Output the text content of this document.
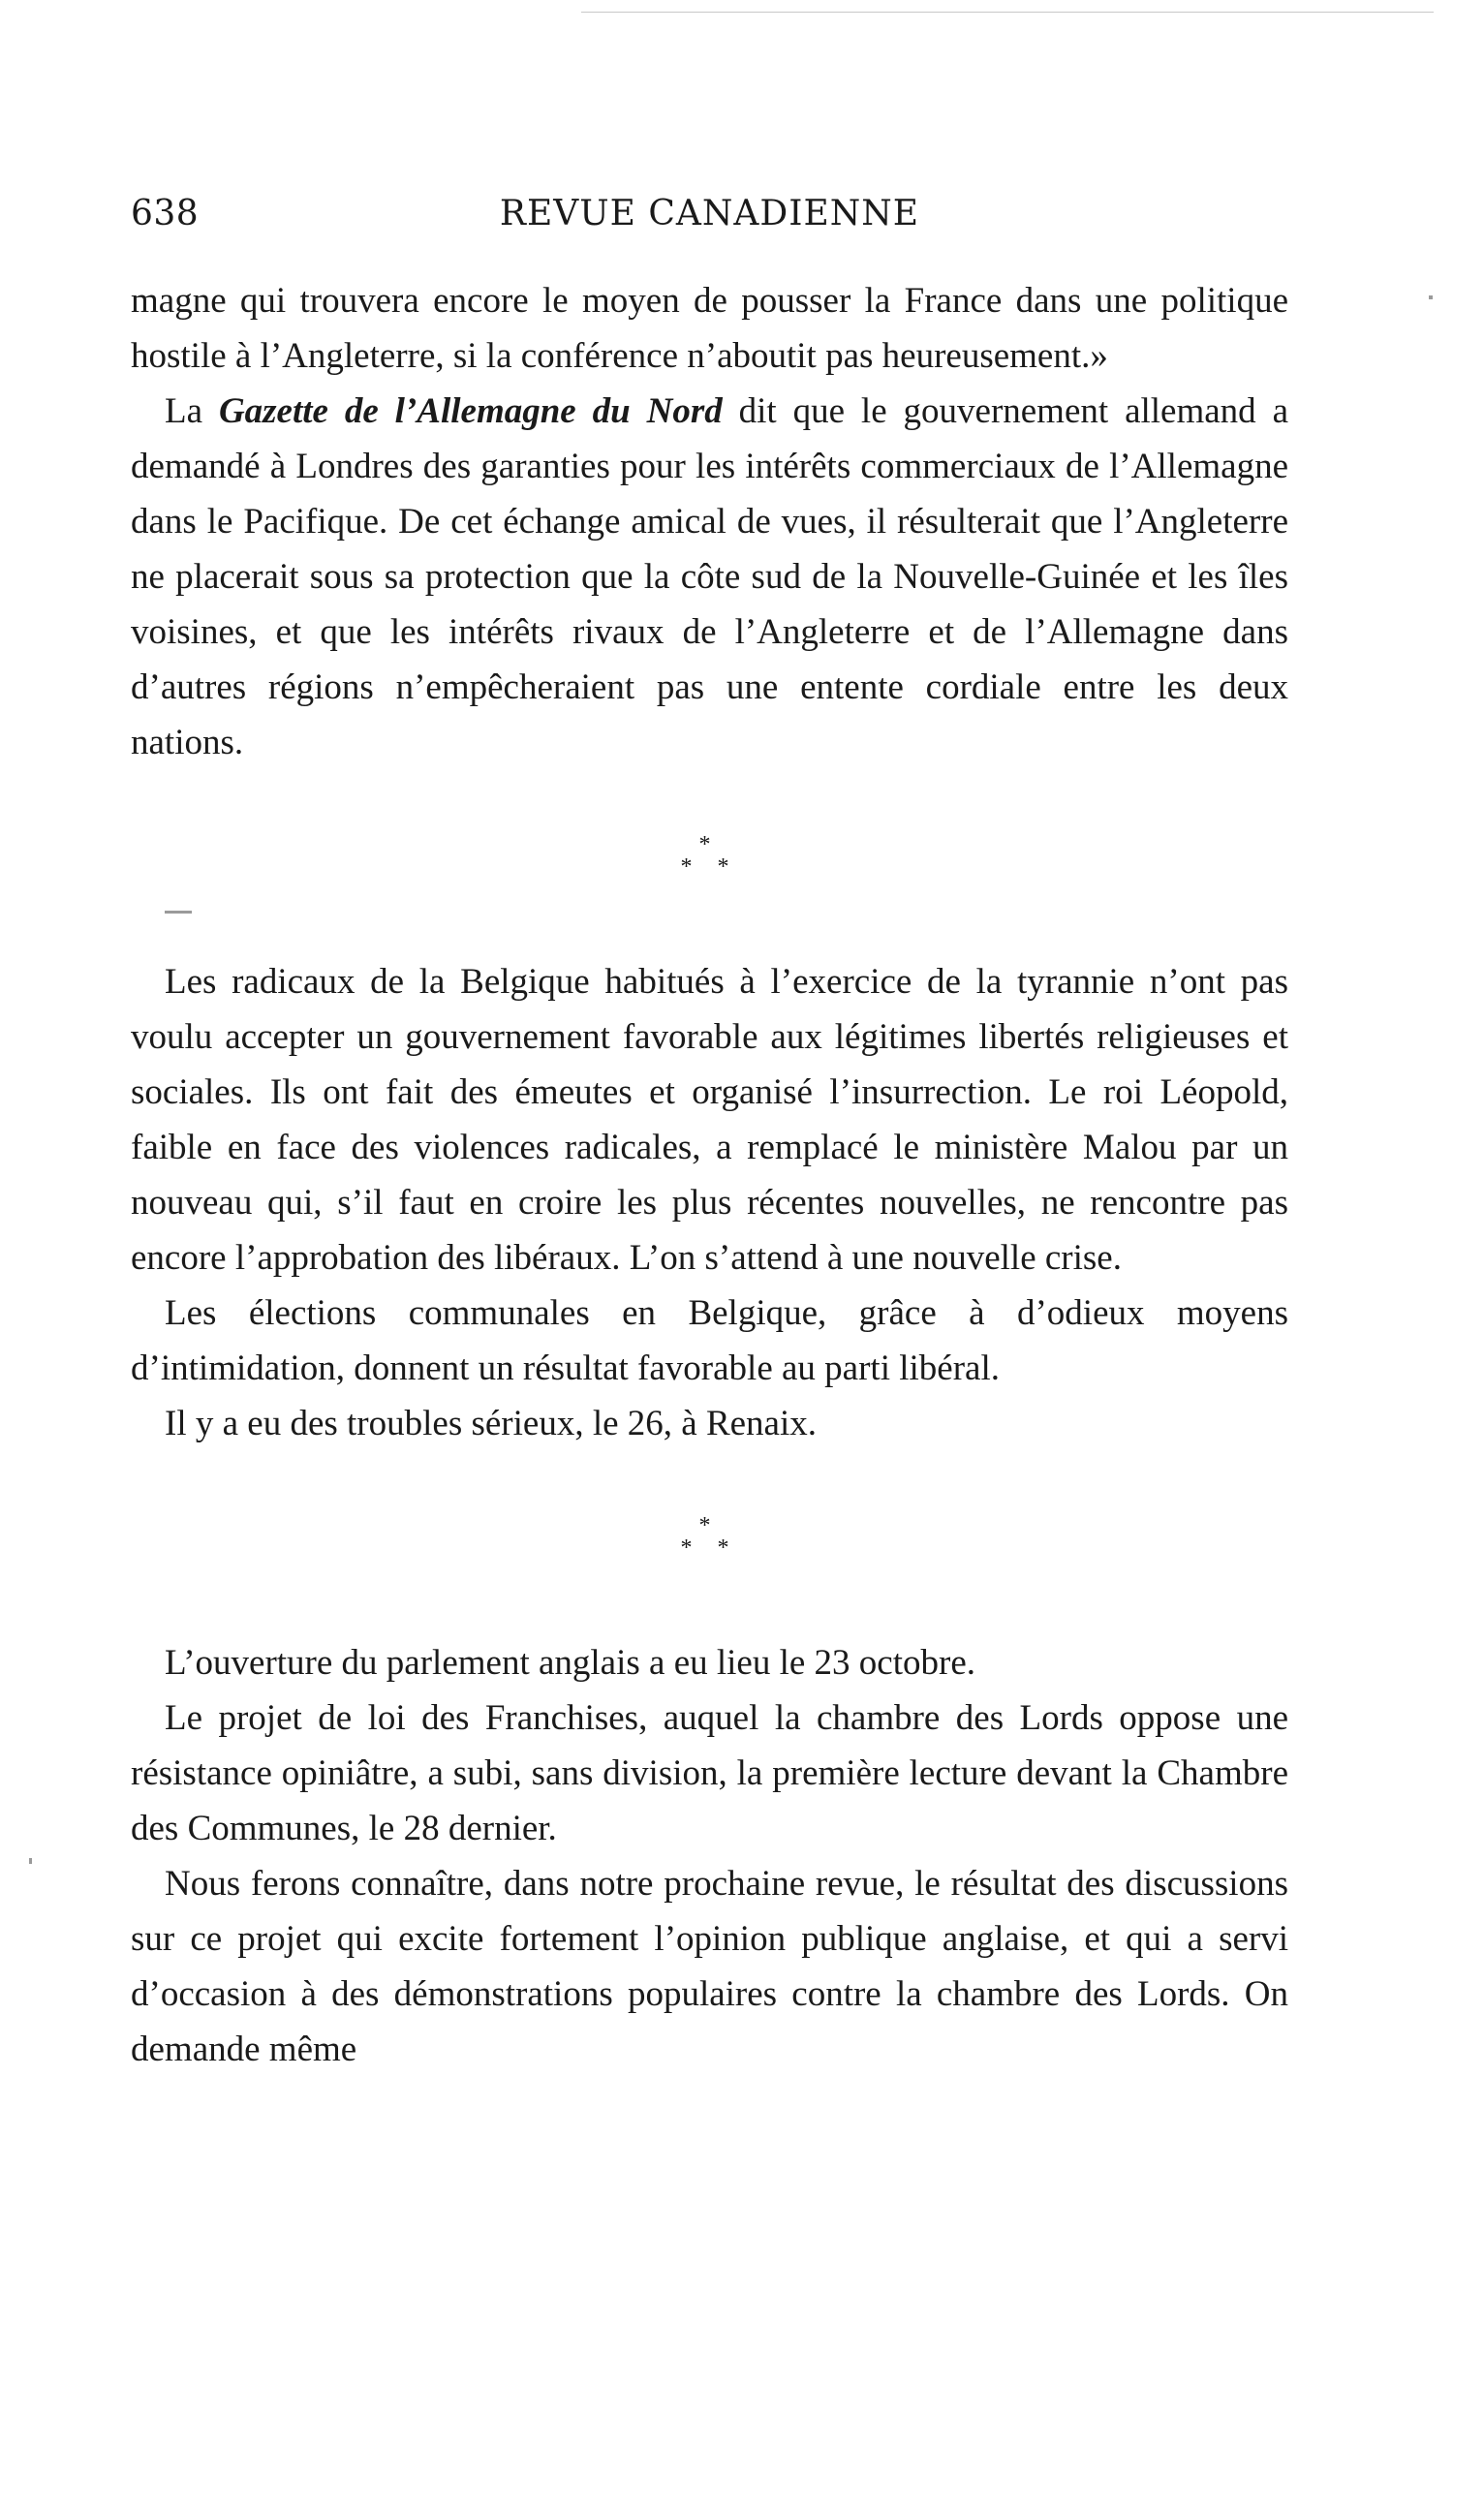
638	REVUE CANADIENNE

magne qui trouvera encore le moyen de pousser la France dans une politique hostile à l’Angleterre, si la conférence n’aboutit pas heureusement.»

La Gazette de l’Allemagne du Nord dit que le gouvernement allemand a demandé à Londres des garanties pour les intérêts commerciaux de l’Allemagne dans le Pacifique. De cet échange amical de vues, il résulterait que l’Angleterre ne placerait sous sa protection que la côte sud de la Nouvelle-Guinée et les îles voisines, et que les intérêts rivaux de l’Angleterre et de l’Allemagne dans d’autres régions n’empêcheraient pas une entente cordiale entre les deux nations.

*
* *

Les radicaux de la Belgique habitués à l’exercice de la tyrannie n’ont pas voulu accepter un gouvernement favorable aux légitimes libertés religieuses et sociales. Ils ont fait des émeutes et organisé l’insurrection. Le roi Léopold, faible en face des violences radicales, a remplacé le ministère Malou par un nouveau qui, s’il faut en croire les plus récentes nouvelles, ne rencontre pas encore l’approbation des libéraux. L’on s’attend à une nouvelle crise.

Les élections communales en Belgique, grâce à d’odieux moyens d’intimidation, donnent un résultat favorable au parti libéral.

Il y a eu des troubles sérieux, le 26, à Renaix.

*
* *

L’ouverture du parlement anglais a eu lieu le 23 octobre.

Le projet de loi des Franchises, auquel la chambre des Lords oppose une résistance opiniâtre, a subi, sans division, la première lecture devant la Chambre des Communes, le 28 dernier.

Nous ferons connaître, dans notre prochaine revue, le résultat des discussions sur ce projet qui excite fortement l’opinion publique anglaise, et qui a servi d’occasion à des démonstrations populaires contre la chambre des Lords. On demande même
